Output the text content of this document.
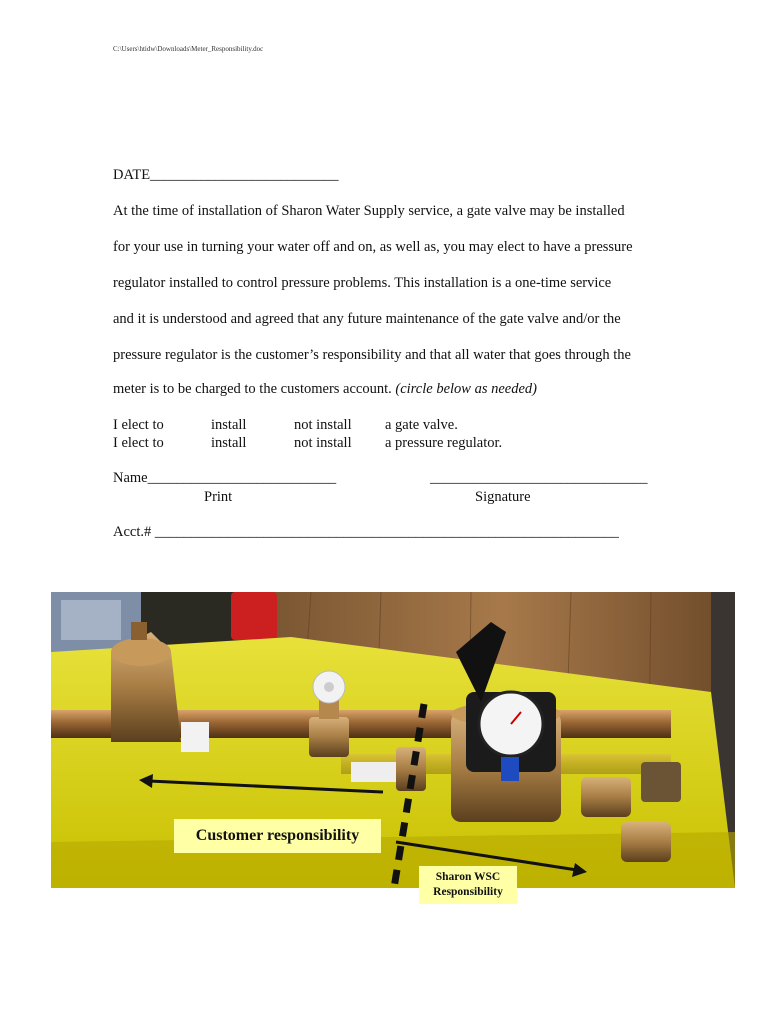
C:\Users\htidw\Downloads\Meter_Responsibility.doc
DATE__________________________
At the time of installation of Sharon Water Supply service, a gate valve may be installed
for your use in turning your water off and on, as well as, you may elect to have a pressure
regulator installed to control pressure problems. This installation is a one-time service
and it is understood and agreed that any future maintenance of the gate valve and/or the
pressure regulator is the customer’s responsibility and that all water that goes through the
meter is to be charged to the customers account. (circle below as needed)
I elect to	install	not install a gate valve.
I elect to	install	not install a pressure regulator.
Name__________________________	______________________________
Print	Signature
Acct.# ________________________________________________________________
Customer responsibility
Sharon WSC
Responsibility
